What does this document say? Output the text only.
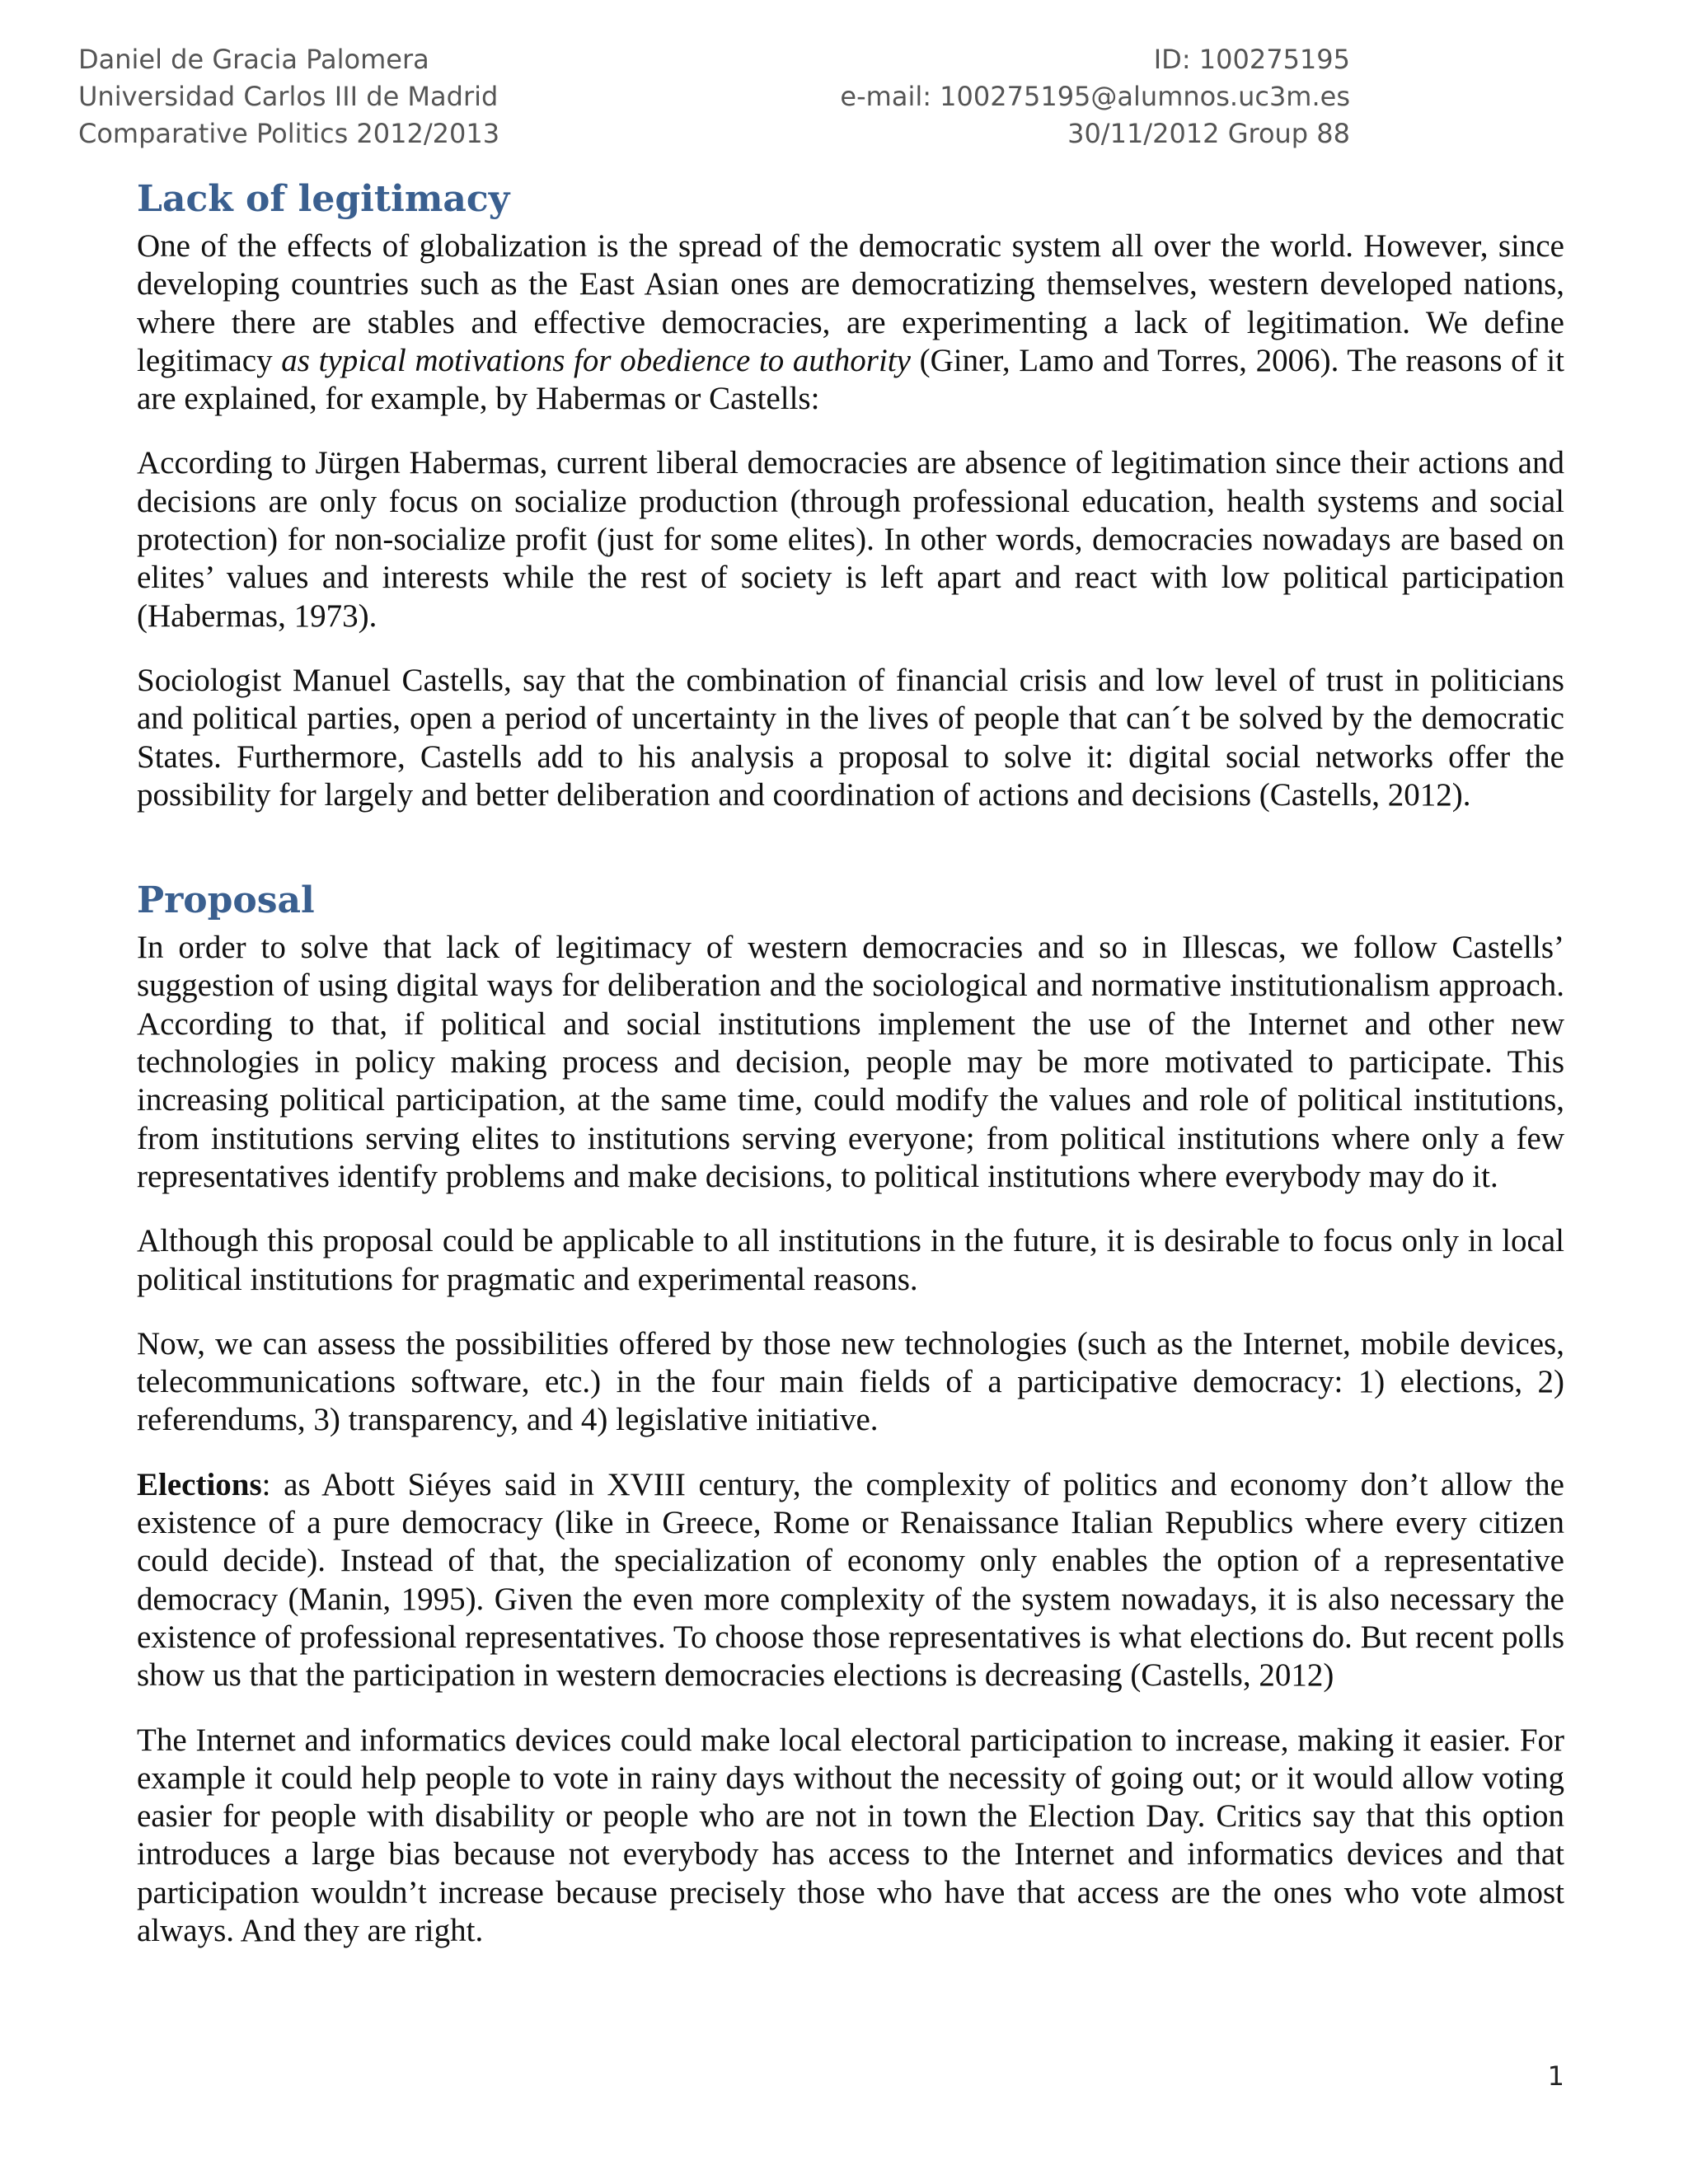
Daniel de Gracia Palomera	ID: 100275195
Universidad Carlos III de Madrid	e-mail: 100275195@alumnos.uc3m.es
Comparative Politics 2012/2013	30/11/2012 Group 88
Lack of legitimacy

One of the effects of globalization is the spread of the democratic system all over the world. However, since developing countries such as the East Asian ones are democratizing themselves, western developed nations, where there are stables and effective democracies, are experimenting a lack of legitimation. We define legitimacy as typical motivations for obedience to authority (Giner, Lamo and Torres, 2006). The reasons of it are explained, for example, by Habermas or Castells:

According to Jürgen Habermas, current liberal democracies are absence of legitimation since their actions and decisions are only focus on socialize production (through professional education, health systems and social protection) for non-socialize profit (just for some elites). In other words, democracies nowadays are based on elites’ values and interests while the rest of society is left apart and react with low political participation (Habermas, 1973).

Sociologist Manuel Castells, say that the combination of financial crisis and low level of trust in politicians and political parties, open a period of uncertainty in the lives of people that can´t be solved by the democratic States. Furthermore, Castells add to his analysis a proposal to solve it: digital social networks offer the possibility for largely and better deliberation and coordination of actions and decisions (Castells, 2012).

Proposal

In order to solve that lack of legitimacy of western democracies and so in Illescas, we follow Castells’ suggestion of using digital ways for deliberation and the sociological and normative institutionalism approach. According to that, if political and social institutions implement the use of the Internet and other new technologies in policy making process and decision, people may be more motivated to participate. This increasing political participation, at the same time, could modify the values and role of political institutions, from institutions serving elites to institutions serving everyone; from political institutions where only a few representatives identify problems and make decisions, to political institutions where everybody may do it.

Although this proposal could be applicable to all institutions in the future, it is desirable to focus only in local political institutions for pragmatic and experimental reasons.

Now, we can assess the possibilities offered by those new technologies (such as the Internet, mobile devices, telecommunications software, etc.) in the four main fields of a participative democracy: 1) elections, 2) referendums, 3) transparency, and 4) legislative initiative.

Elections: as Abott Siéyes said in XVIII century, the complexity of politics and economy don’t allow the existence of a pure democracy (like in Greece, Rome or Renaissance Italian Republics where every citizen could decide). Instead of that, the specialization of economy only enables the option of a representative democracy (Manin, 1995). Given the even more complexity of the system nowadays, it is also necessary the existence of professional representatives. To choose those representatives is what elections do. But recent polls show us that the participation in western democracies elections is decreasing (Castells, 2012)

The Internet and informatics devices could make local electoral participation to increase, making it easier. For example it could help people to vote in rainy days without the necessity of going out; or it would allow voting easier for people with disability or people who are not in town the Election Day. Critics say that this option introduces a large bias because not everybody has access to the Internet and informatics devices and that participation wouldn’t increase because precisely those who have that access are the ones who vote almost always. And they are right.

1
